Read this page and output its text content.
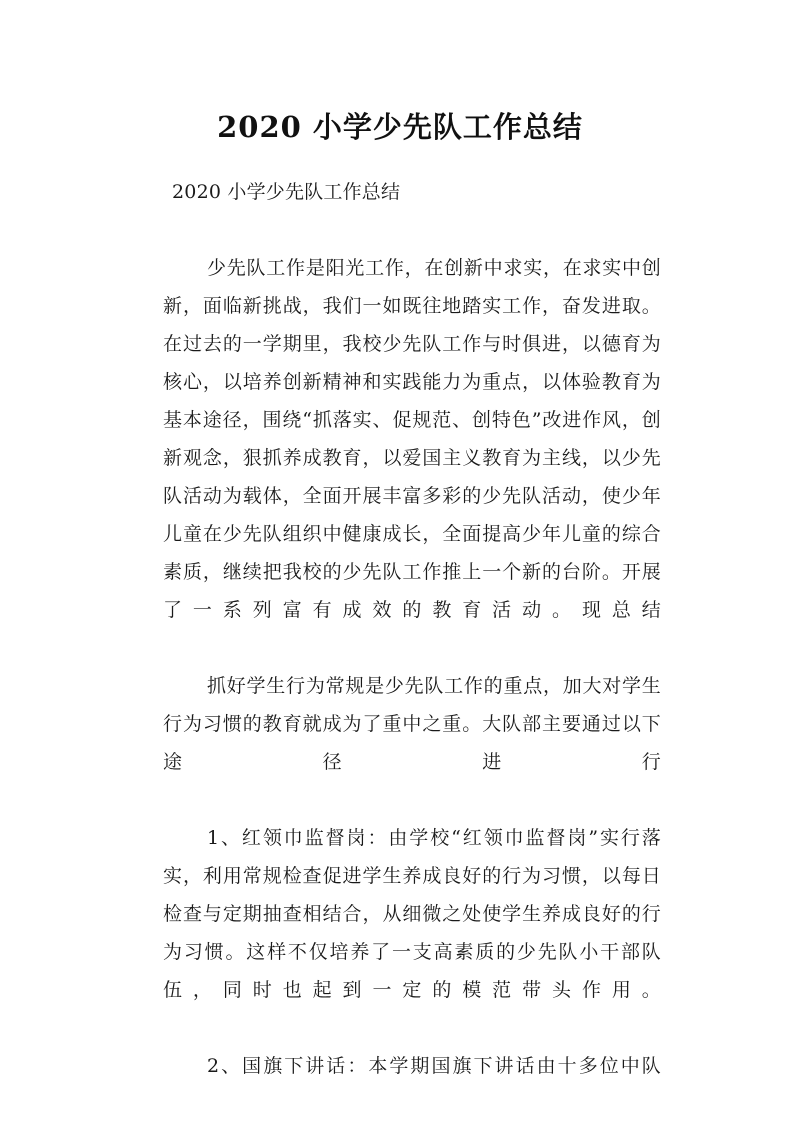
2020 小学少先队工作总结

2020 小学少先队工作总结

少先队工作是阳光工作，在创新中求实，在求实中创新，面临新挑战，我们一如既往地踏实工作，奋发进取。在过去的一学期里，我校少先队工作与时俱进，以德育为核心，以培养创新精神和实践能力为重点，以体验教育为基本途径，围绕“抓落实、促规范、创特色”改进作风，创新观念，狠抓养成教育，以爱国主义教育为主线，以少先队活动为载体，全面开展丰富多彩的少先队活动，使少年儿童在少先队组织中健康成长，全面提高少年儿童的综合素质，继续把我校的少先队工作推上一个新的台阶。开展了一系列富有成效的教育活动。现总结

抓好学生行为常规是少先队工作的重点，加大对学生行为习惯的教育就成为了重中之重。大队部主要通过以下途径进行

1、红领巾监督岗：由学校“红领巾监督岗”实行落实，利用常规检查促进学生养成良好的行为习惯，以每日检查与定期抽查相结合，从细微之处使学生养成良好的行为习惯。这样不仅培养了一支高素质的少先队小干部队伍，同时也起到一定的模范带头作用。

2、国旗下讲话：本学期国旗下讲话由十多位中队
